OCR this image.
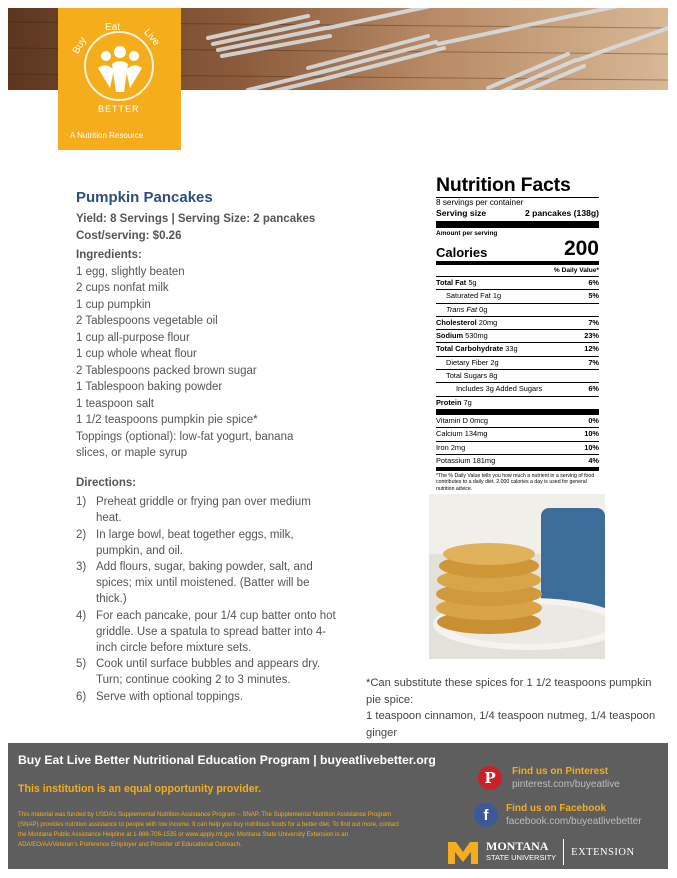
Buy
Eat Live
BETTER
A Nutrition Resource
Pumpkin Pancakes
Yield: 8 Servings | Serving Size: 2 pancakes
Cost/serving: $0.26
Ingredients:
1 egg, slightly beaten
2 cups nonfat milk
1 cup pumpkin
2 Tablespoons vegetable oil
1 cup all-purpose flour
1 cup whole wheat flour
2 Tablespoons packed brown sugar
1 Tablespoon baking powder
1 teaspoon salt
1 1/2 teaspoons pumpkin pie spice*
Toppings (optional): low-fat yogurt, banana slices, or maple syrup
Directions:
1) Preheat griddle or frying pan over medium heat.
2) In large bowl, beat together eggs, milk, pumpkin, and oil.
3) Add flours, sugar, baking powder, salt, and spices; mix until moistened. (Batter will be thick.)
4) For each pancake, pour 1/4 cup batter onto hot griddle. Use a spatula to spread batter into 4-inch circle before mixture sets.
5) Cook until surface bubbles and appears dry. Turn; continue cooking 2 to 3 minutes.
6) Serve with optional toppings.
Nutrition Facts
8 servings per container
Serving size	2 pancakes (138g)
Amount per serving
Calories	200
% Daily Value*
Total Fat 5g	6%
Saturated Fat 1g	5%
Trans Fat 0g
Cholesterol 20mg	7%
Sodium 530mg	23%
Total Carbohydrate 33g	12%
Dietary Fiber 2g	7%
Total Sugars 8g
Includes 3g Added Sugars	6%
Protein 7g
Vitamin D 0mcg	0%
Calcium 134mg	10%
Iron 2mg	10%
Potassium 181mg	4%
*The % Daily Value tells you how much a nutrient in a serving of food contributes to a daily diet. 2,000 calories a day is used for general nutrition advice.
*Can substitute these spices for 1 1/2 teaspoons pumpkin pie spice:
1 teaspoon cinnamon, 1/4 teaspoon nutmeg, 1/4 teaspoon ginger
Buy Eat Live Better Nutritional Education Program | buyeatlivebetter.org
This institution is an equal opportunity provider.
This material was funded by USDA’s Supplemental Nutrition Assistance Program – SNAP. The Supplemental Nutrition Assistance Program (SNAP) provides nutrition assistance to people with low income. It can help you buy nutritious foods for a better diet. To find out more, contact the Montana Public Assistance Helpline at 1-888-706-1535 or www.apply.mt.gov. Montana State University Extension is an ADA/EO/AA/Veteran’s Preference Employer and Provider of Educational Outreach.
P	Find us on Pinterest
pinterest.com/buyeatlive
f	Find us on Facebook
facebook.com/buyeatlivebetter
MONTANA
STATE UNIVERSITY EXTENSION
